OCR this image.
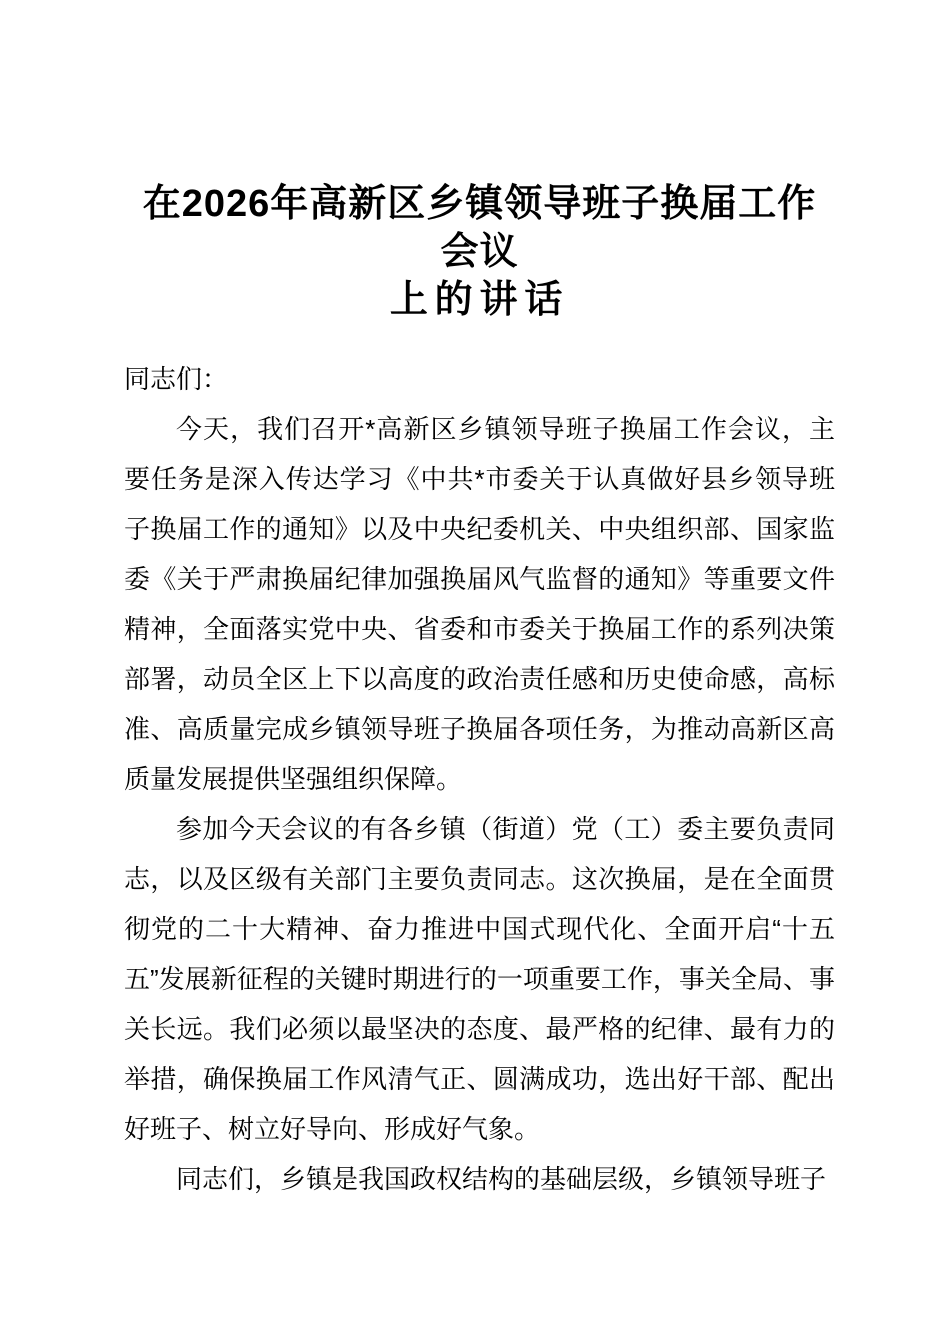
在2026年高新区乡镇领导班子换届工作会议
上的讲话

同志们：

今天，我们召开*高新区乡镇领导班子换届工作会议，主要任务是深入传达学习《中共*市委关于认真做好县乡领导班子换届工作的通知》以及中央纪委机关、中央组织部、国家监委《关于严肃换届纪律加强换届风气监督的通知》等重要文件精神，全面落实党中央、省委和市委关于换届工作的系列决策部署，动员全区上下以高度的政治责任感和历史使命感，高标准、高质量完成乡镇领导班子换届各项任务，为推动高新区高质量发展提供坚强组织保障。

参加今天会议的有各乡镇（街道）党（工）委主要负责同志，以及区级有关部门主要负责同志。这次换届，是在全面贯彻党的二十大精神、奋力推进中国式现代化、全面开启“十五五”发展新征程的关键时期进行的一项重要工作，事关全局、事关长远。我们必须以最坚决的态度、最严格的纪律、最有力的举措，确保换届工作风清气正、圆满成功，选出好干部、配出好班子、树立好导向、形成好气象。

同志们，乡镇是我国政权结构的基础层级，乡镇领导班子
